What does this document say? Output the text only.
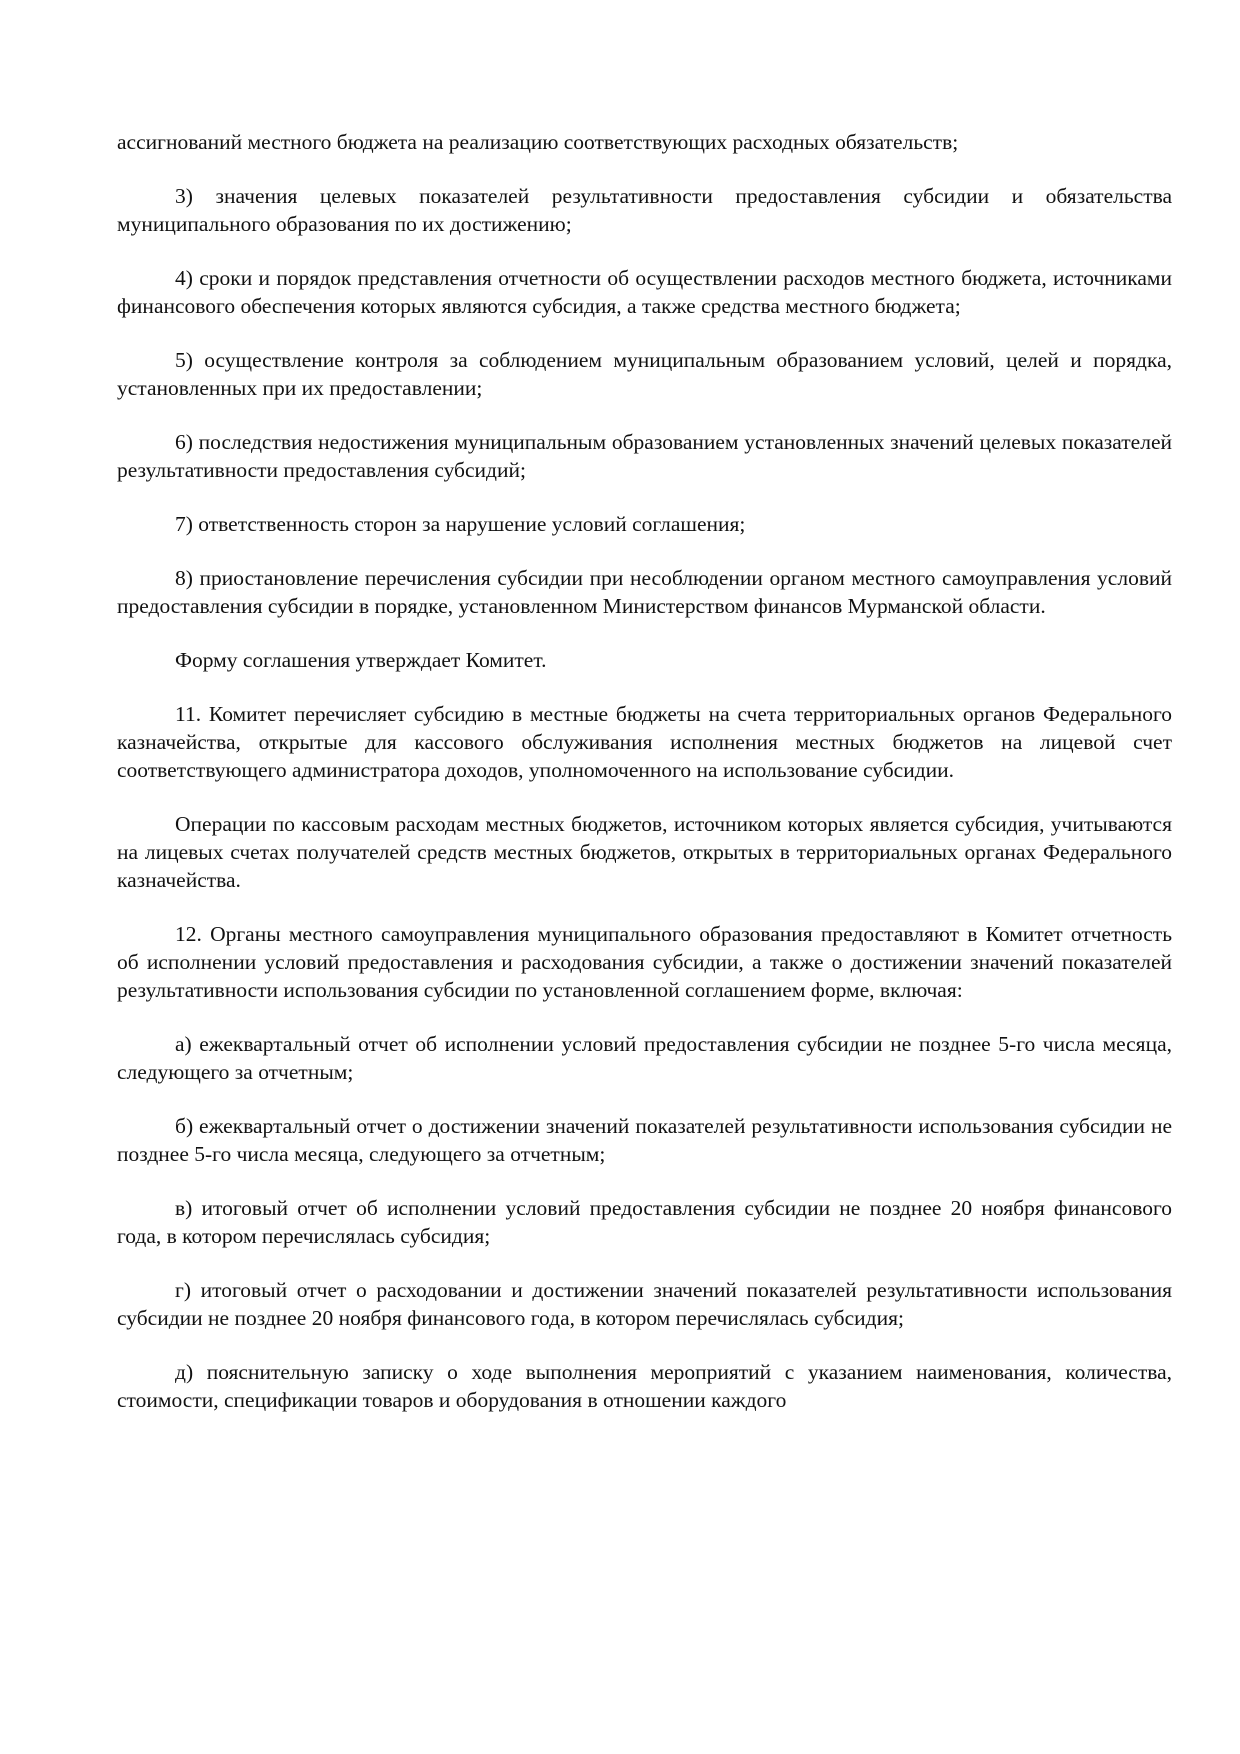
ассигнований местного бюджета на реализацию соответствующих расходных обязательств;

3) значения целевых показателей результативности предоставления субсидии и обязательства муниципального образования по их достижению;

4) сроки и порядок представления отчетности об осуществлении расходов местного бюджета, источниками финансового обеспечения которых являются субсидия, а также средства местного бюджета;

5) осуществление контроля за соблюдением муниципальным образованием условий, целей и порядка, установленных при их предоставлении;

6) последствия недостижения муниципальным образованием установленных значений целевых показателей результативности предоставления субсидий;

7) ответственность сторон за нарушение условий соглашения;

8) приостановление перечисления субсидии при несоблюдении органом местного самоуправления условий предоставления субсидии в порядке, установленном Министерством финансов Мурманской области.

Форму соглашения утверждает Комитет.

11. Комитет перечисляет субсидию в местные бюджеты на счета территориальных органов Федерального казначейства, открытые для кассового обслуживания исполнения местных бюджетов на лицевой счет соответствующего администратора доходов, уполномоченного на использование субсидии.

Операции по кассовым расходам местных бюджетов, источником которых является субсидия, учитываются на лицевых счетах получателей средств местных бюджетов, открытых в территориальных органах Федерального казначейства.

12. Органы местного самоуправления муниципального образования предоставляют в Комитет отчетность об исполнении условий предоставления и расходования субсидии, а также о достижении значений показателей результативности использования субсидии по установленной соглашением форме, включая:

а) ежеквартальный отчет об исполнении условий предоставления субсидии не позднее 5-го числа месяца, следующего за отчетным;

б) ежеквартальный отчет о достижении значений показателей результативности использования субсидии не позднее 5-го числа месяца, следующего за отчетным;

в) итоговый отчет об исполнении условий предоставления субсидии не позднее 20 ноября финансового года, в котором перечислялась субсидия;

г) итоговый отчет о расходовании и достижении значений показателей результативности использования субсидии не позднее 20 ноября финансового года, в котором перечислялась субсидия;

д) пояснительную записку о ходе выполнения мероприятий с указанием наименования, количества, стоимости, спецификации товаров и оборудования в отношении каждого
